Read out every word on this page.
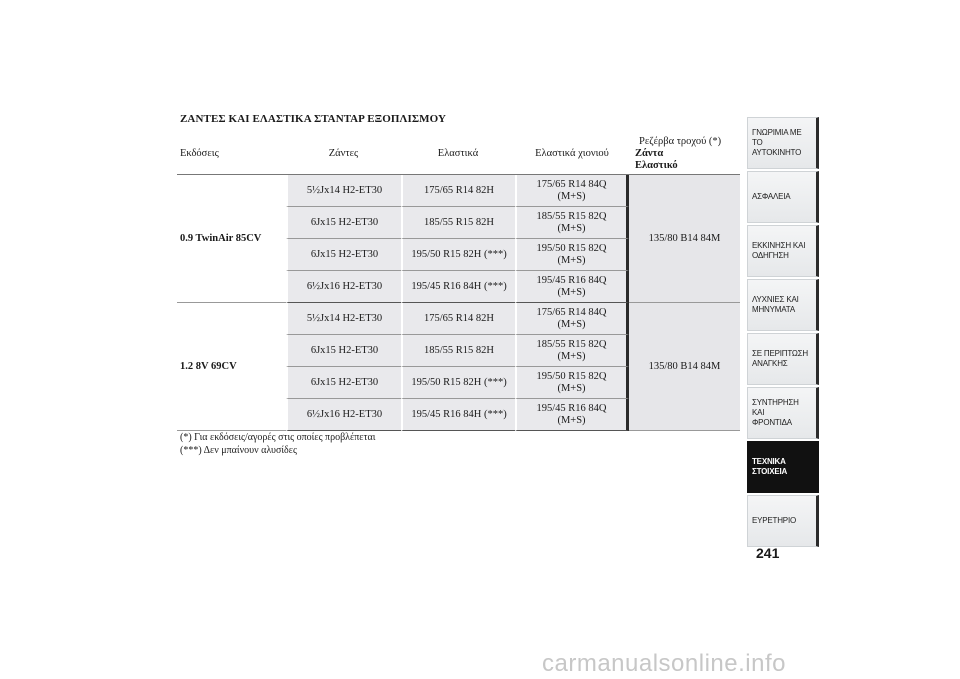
ΖΑΝΤΕΣ ΚΑΙ ΕΛΑΣΤΙΚΑ ΣΤΑΝΤΑΡ ΕΞΟΠΛΙΣΜΟΥ
Εκδόσεις	Ζάντες	Ελαστικά	Ελαστικά χιονιού	Ρεζέρβα τροχού (*)
Ζάντα
Ελαστικό

0.9 TwinAir 85CV	5½Jx14 H2-ET30	175/65 R14 82H	175/65 R14 84Q
(M+S)	135/80 B14 84M
	6Jx15 H2-ET30	185/55 R15 82H	185/55 R15 82Q
(M+S)	
	6Jx15 H2-ET30	195/50 R15 82H (***)	195/50 R15 82Q
(M+S)	
	6½Jx16 H2-ET30	195/45 R16 84H (***)	195/45 R16 84Q
(M+S)	
1.2 8V 69CV	5½Jx14 H2-ET30	175/65 R14 82H	175/65 R14 84Q
(M+S)	135/80 B14 84M
	6Jx15 H2-ET30	185/55 R15 82H	185/55 R15 82Q
(M+S)	
	6Jx15 H2-ET30	195/50 R15 82H (***)	195/50 R15 82Q
(M+S)	
	6½Jx16 H2-ET30	195/45 R16 84H (***)	195/45 R16 84Q
(M+S)	
(*) Για εκδόσεις/αγορές στις οποίες προβλέπεται
(***) Δεν μπαίνουν αλυσίδες
ΓΝΩΡΙΜΙΑ ΜΕ ΤΟ
ΑΥΤΟΚΙΝΗΤΟ
ΑΣΦΑΛΕΙΑ
ΕΚΚΙΝΗΣΗ ΚΑΙ
ΟΔΗΓΗΣΗ
ΛΥΧΝΙΕΣ ΚΑΙ
ΜΗΝΥΜΑΤΑ
ΣΕ ΠΕΡΙΠΤΩΣΗ
ΑΝΑΓΚΗΣ
ΣΥΝΤΗΡΗΣΗ ΚΑΙ
ΦΡΟΝΤΙΔΑ
ΤΕΧΝΙΚΑ
ΣΤΟΙΧΕΙΑ
ΕΥΡΕΤΗΡΙΟ
241
carmanualsonline.info
